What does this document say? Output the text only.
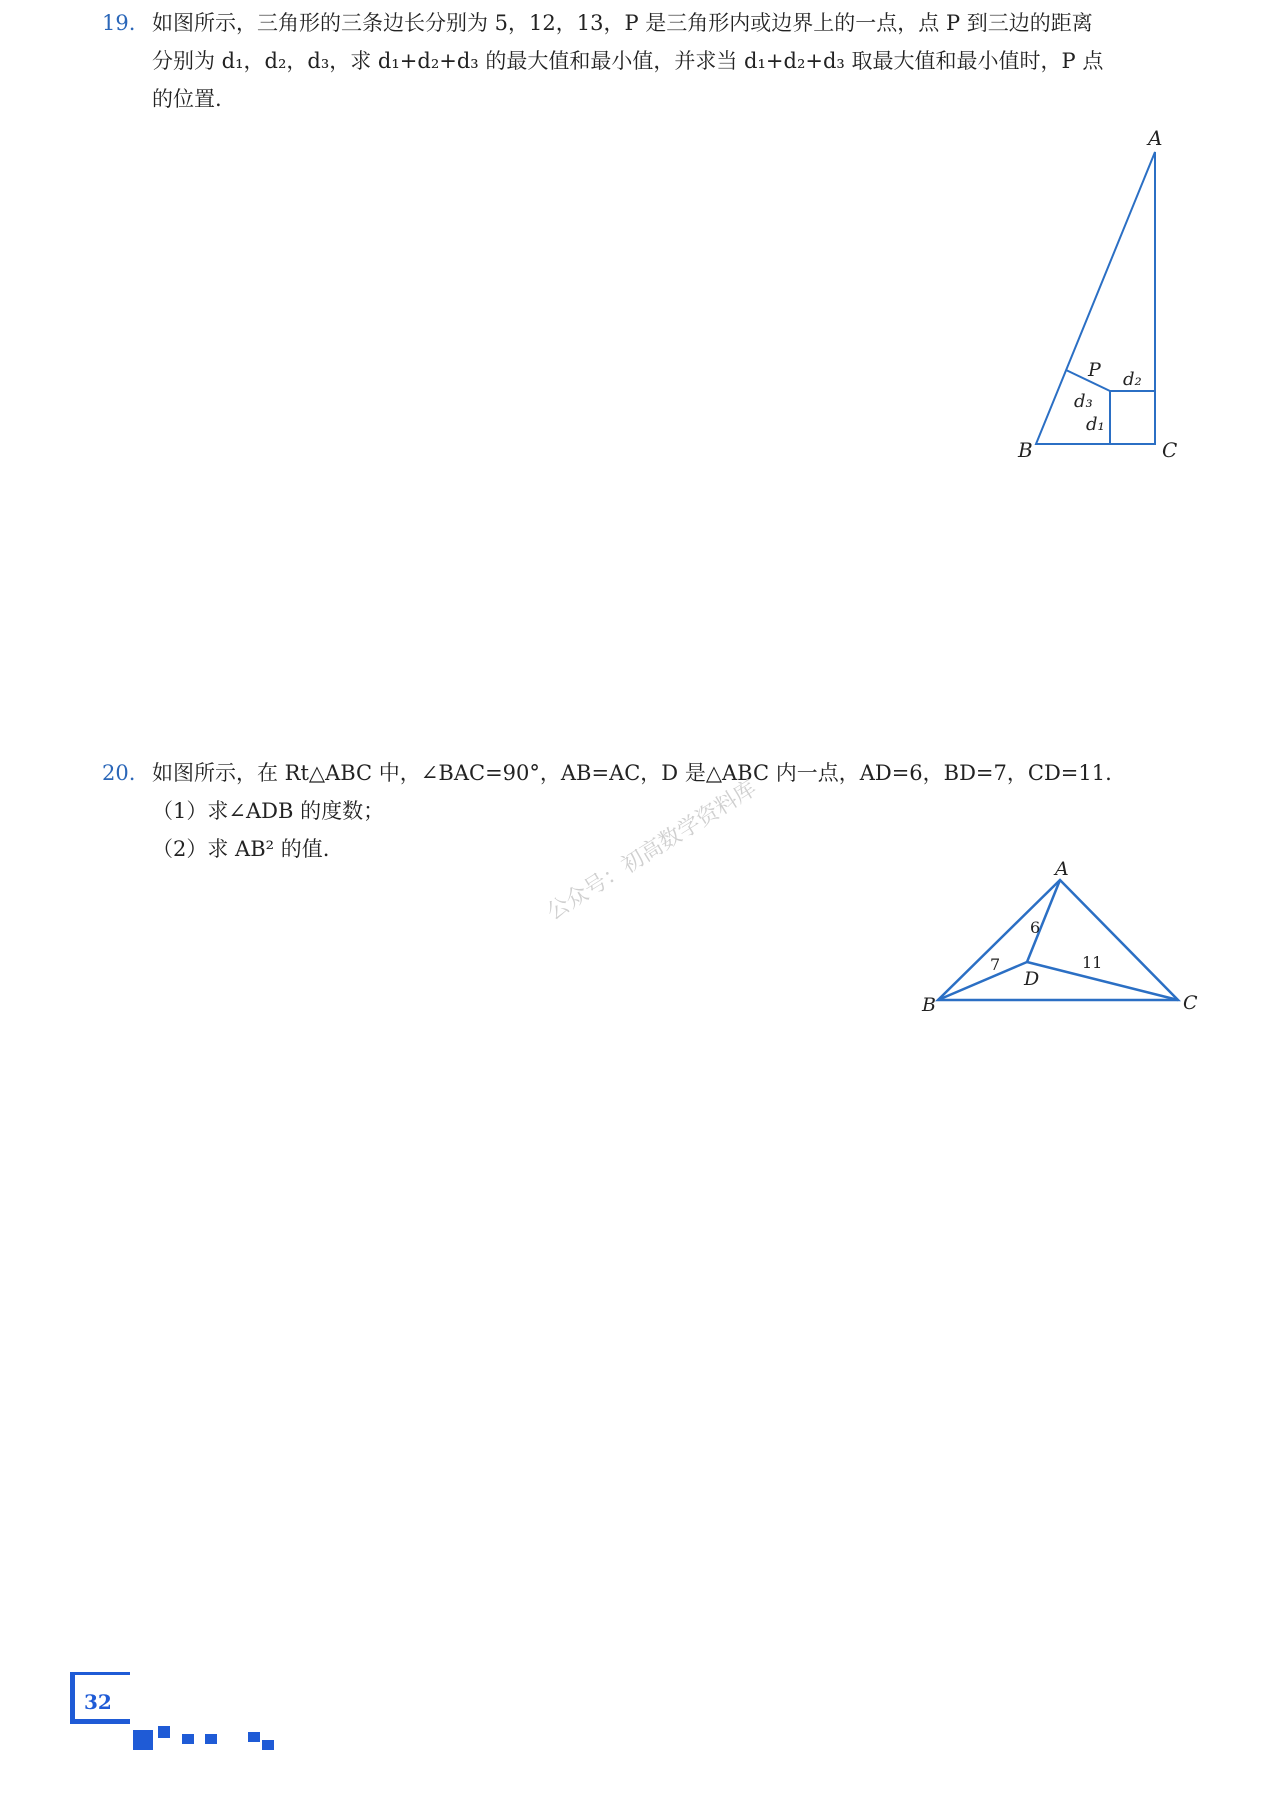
19. 如图所示，三角形的三条边长分别为 5，12，13，P 是三角形内或边界上的一点，点 P 到三边的距离
分别为 d₁，d₂，d₃，求 d₁+d₂+d₃ 的最大值和最小值，并求当 d₁+d₂+d₃ 取最大值和最小值时，P 点
的位置.
A
B	C
P d₂
d₃
d₁
20. 如图所示，在 Rt△ABC 中，∠BAC=90°，AB=AC，D 是△ABC 内一点，AD=6，BD=7，CD=11.
（1）求∠ADB 的度数；
（2）求 AB² 的值.
A
B	C
D
6
7	11
公众号：初高数学资料库
32
